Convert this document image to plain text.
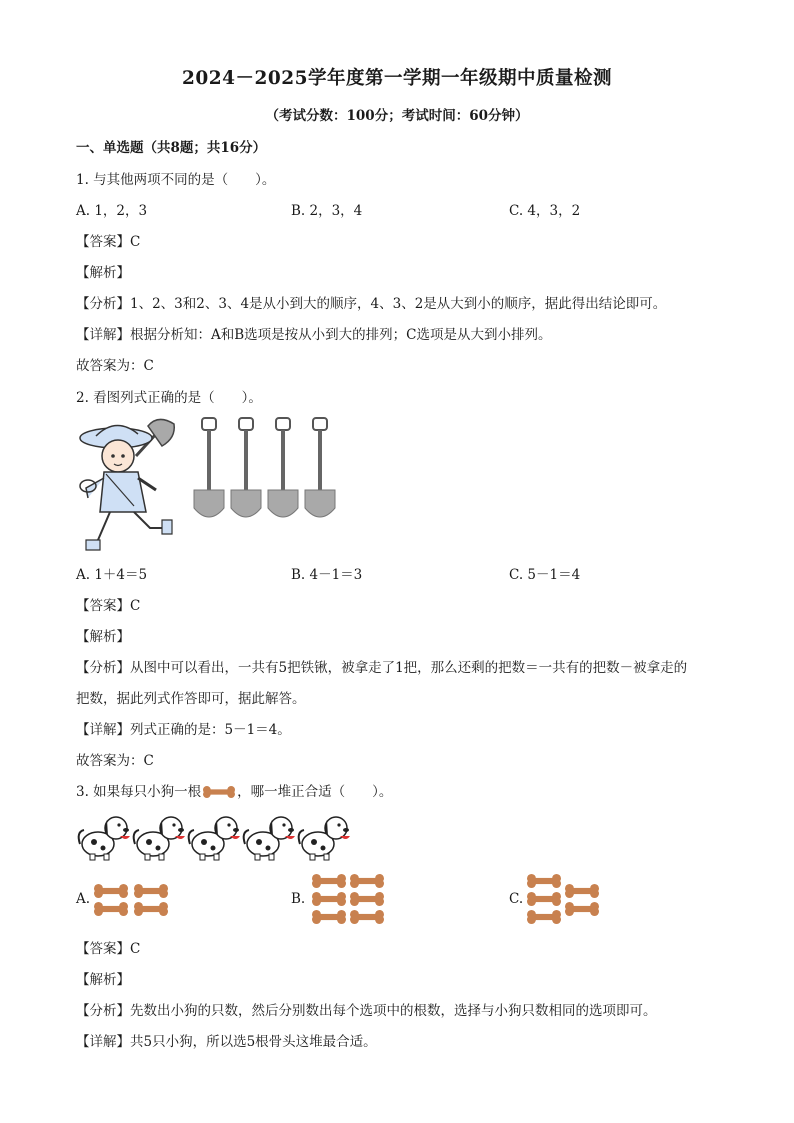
2024－2025学年度第一学期一年级期中质量检测
（考试分数：100分；考试时间：60分钟）
一、单选题（共8题；共16分）
1. 与其他两项不同的是（　　）。
A. 1，2，3	B. 2，3，4	C. 4，3，2
【答案】C
【解析】
【分析】1、2、3和2、3、4是从小到大的顺序，4、3、2是从大到小的顺序，据此得出结论即可。
【详解】根据分析知：A和B选项是按从小到大的排列；C选项是从大到小排列。
故答案为：C
2. 看图列式正确的是（　　）。
A. 1＋4＝5	B. 4－1＝3	C. 5－1＝4
【答案】C
【解析】
【分析】从图中可以看出，一共有5把铁锹，被拿走了1把，那么还剩的把数＝一共有的把数－被拿走的
把数，据此列式作答即可，据此解答。
【详解】列式正确的是：5－1＝4。
故答案为：C
3. 如果每只小狗一根	，哪一堆正合适（　　）。
A.	B.	C.
【答案】C
【解析】
【分析】先数出小狗的只数，然后分别数出每个选项中的根数，选择与小狗只数相同的选项即可。
【详解】共5只小狗，所以选5根骨头这堆最合适。
